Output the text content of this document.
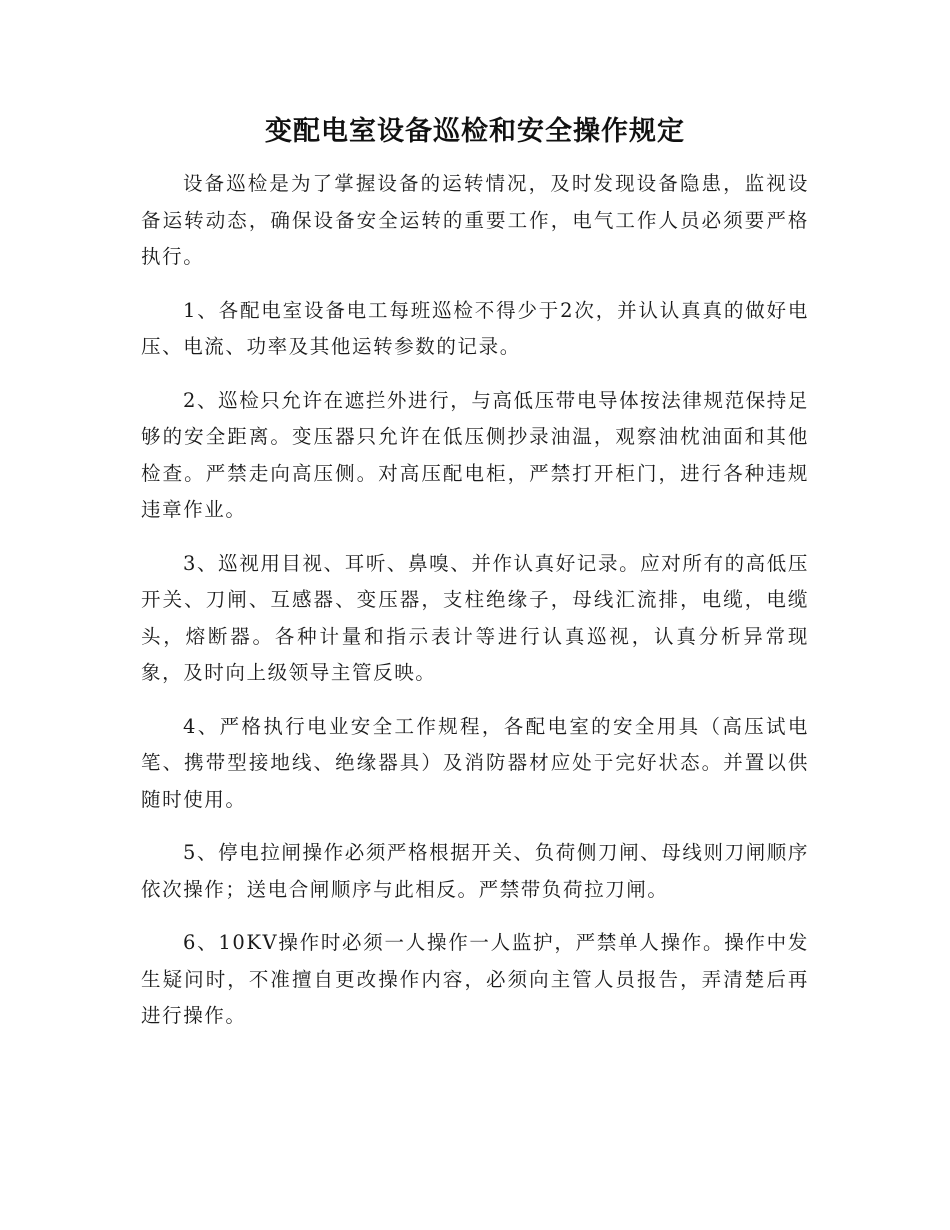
变配电室设备巡检和安全操作规定

设备巡检是为了掌握设备的运转情况，及时发现设备隐患，监视设备运转动态，确保设备安全运转的重要工作，电气工作人员必须要严格执行。

1、各配电室设备电工每班巡检不得少于2次，并认认真真的做好电压、电流、功率及其他运转参数的记录。

2、巡检只允许在遮拦外进行，与高低压带电导体按法律规范保持足够的安全距离。变压器只允许在低压侧抄录油温，观察油枕油面和其他检查。严禁走向高压侧。对高压配电柜，严禁打开柜门，进行各种违规违章作业。

3、巡视用目视、耳听、鼻嗅、并作认真好记录。应对所有的高低压开关、刀闸、互感器、变压器，支柱绝缘子，母线汇流排，电缆，电缆头，熔断器。各种计量和指示表计等进行认真巡视，认真分析异常现象，及时向上级领导主管反映。

4、严格执行电业安全工作规程，各配电室的安全用具（高压试电笔、携带型接地线、绝缘器具）及消防器材应处于完好状态。并置以供随时使用。

5、停电拉闸操作必须严格根据开关、负荷侧刀闸、母线则刀闸顺序依次操作；送电合闸顺序与此相反。严禁带负荷拉刀闸。

6、10KV操作时必须一人操作一人监护，严禁单人操作。操作中发生疑问时，不准擅自更改操作内容，必须向主管人员报告，弄清楚后再进行操作。
